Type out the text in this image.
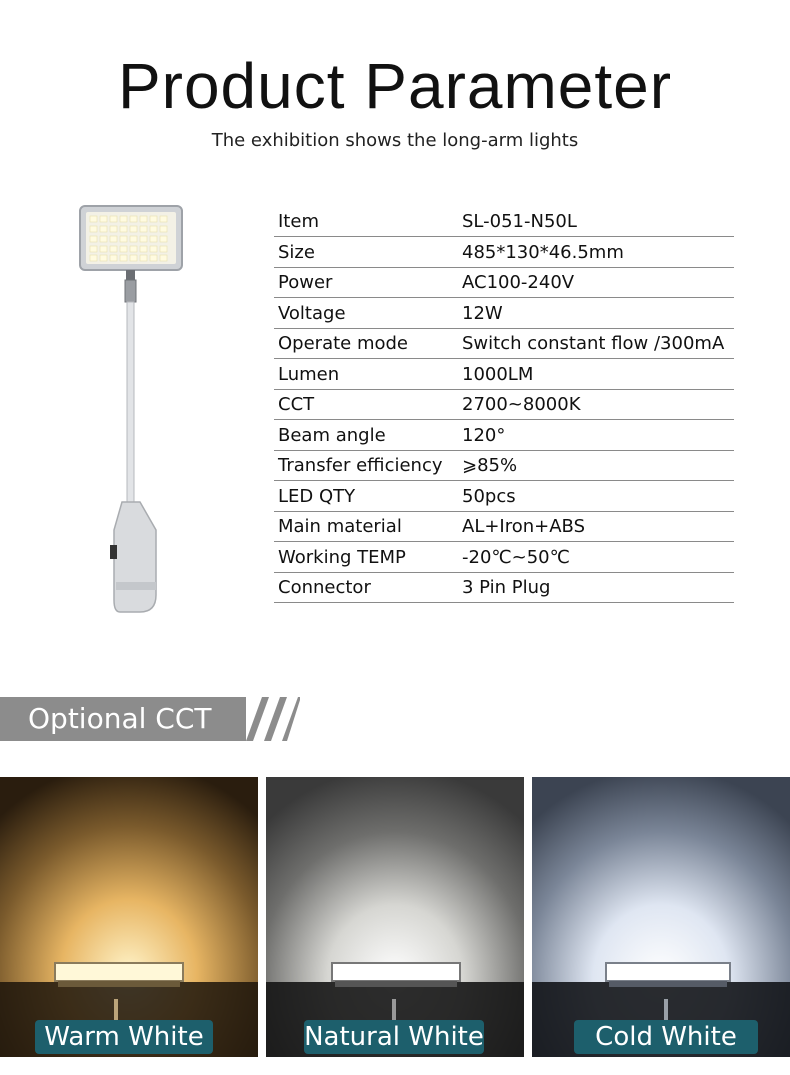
Product Parameter
The exhibition shows the long-arm lights
Item	SL-051-N50L
Size	485*130*46.5mm
Power	AC100-240V
Voltage	12W
Operate mode	Switch constant flow /300mA
Lumen	1000LM
CCT	2700~8000K
Beam angle	120°
Transfer efficiency	⩾85%
LED QTY	50pcs
Main material	AL+Iron+ABS
Working TEMP	-20℃~50℃
Connector	3 Pin Plug
Optional CCT
Warm White	Natural White	Cold White
